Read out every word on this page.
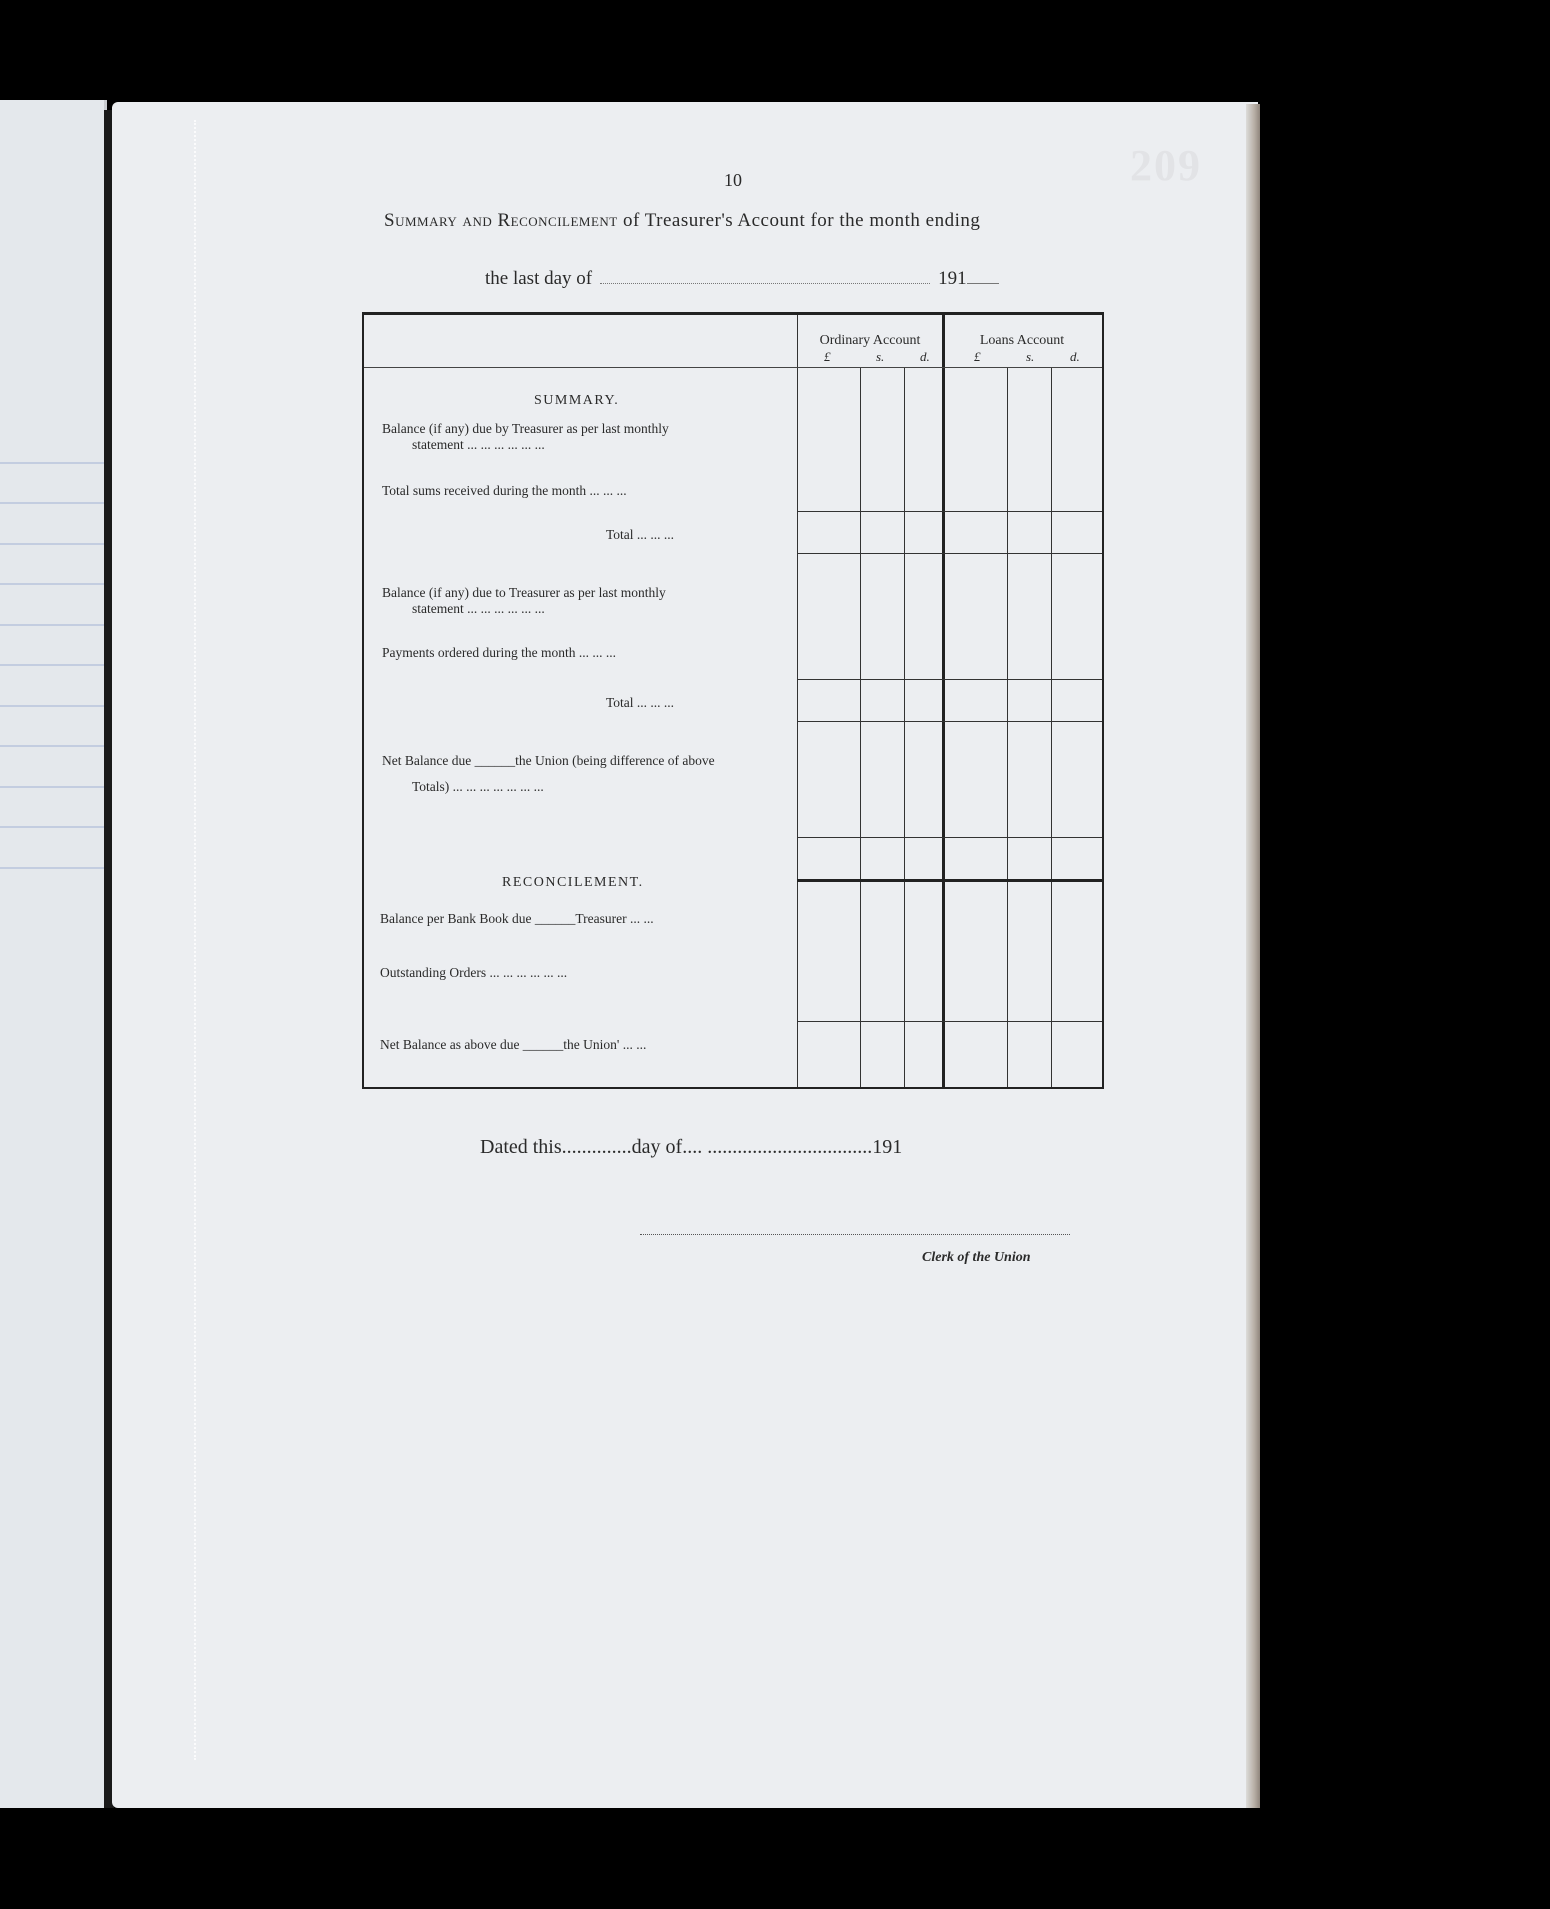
209
10
Summary and Reconcilement of Treasurer's Account for the month ending
the last day of	191
Ordinary Account	Loans Account
£	s.	d.	£	s.	d.
SUMMARY.
Balance (if any) due by Treasurer as per last monthly
statement ... ... ... ... ... ...
Total sums received during the month ... ... ...
Total ... ... ...
Balance (if any) due to Treasurer as per last monthly
statement ... ... ... ... ... ...
Payments ordered during the month ... ... ...
Total ... ... ...
Net Balance due ______the Union (being difference of above
Totals) ... ... ... ... ... ... ...
RECONCILEMENT.
Balance per Bank Book due ______Treasurer ... ...
Outstanding Orders ... ... ... ... ... ...
Net Balance as above due ______the Union' ... ...
Dated this..............day of.... .................................191
Clerk of the Union
